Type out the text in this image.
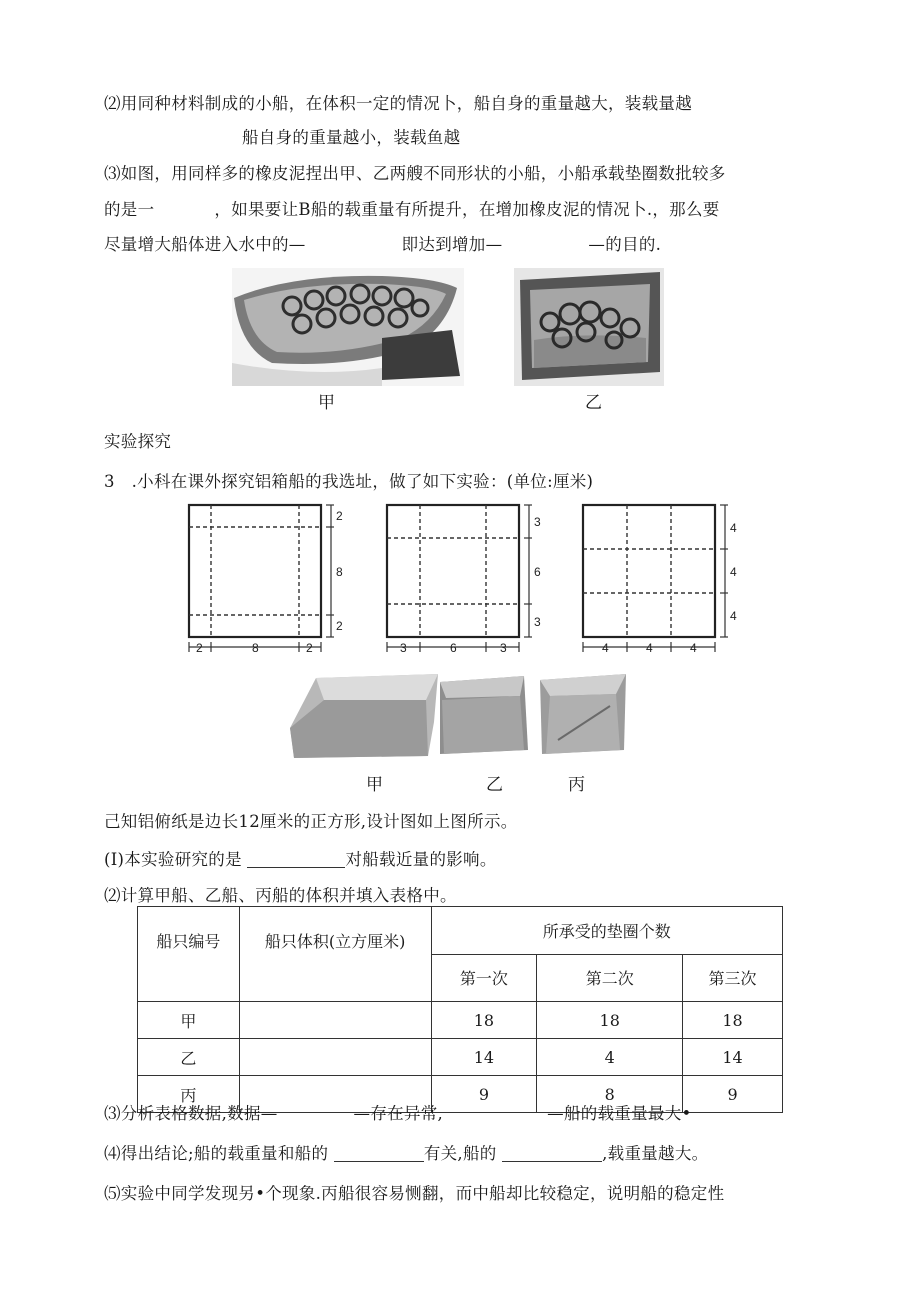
⑵用同种材料制成的小船，在体积一定的情况卜，船自身的重量越大，装载量越
船自身的重量越小，装载鱼越
⑶如图，用同样多的橡皮泥捏出甲、乙两艘不同形状的小船，小船承载垫圈数批较多
的是一	，如果要让B船的载重量有所提升，在增加橡皮泥的情况卜.，那么要
尽量增大船体进入水中的—	即达到增加—	—的目的.
甲	乙
实验探究
3 .小科在课外探究铝箱船的我选址，做了如下实验：(单位:厘米)
2
8
2
2	8	2
3
6
3
3	6	3
4
4
4
4	4	4
甲	乙	丙
己知铝俯纸是边长12厘米的正方形,设计图如上图所示。
(I)本实验研究的是	对船载近量的影响。
⑵计算甲船、乙船、丙船的体积并填入表格中。
船只编号	船只体积(立方厘米)	所承受的垫圈个数		
		第一次	第二次	第三次
甲		18	18	18
乙		14	4	14
丙		9	8	9
⑶分析表格数据,数据—	—存在异常,	—船的载重量最大•
⑷得出结论;船的载重量和船的	有关,船的	,载重量越大。
⑸实验中同学发现另•个现象.丙船很容易恻翻，而中船却比较稳定，说明船的稳定性
